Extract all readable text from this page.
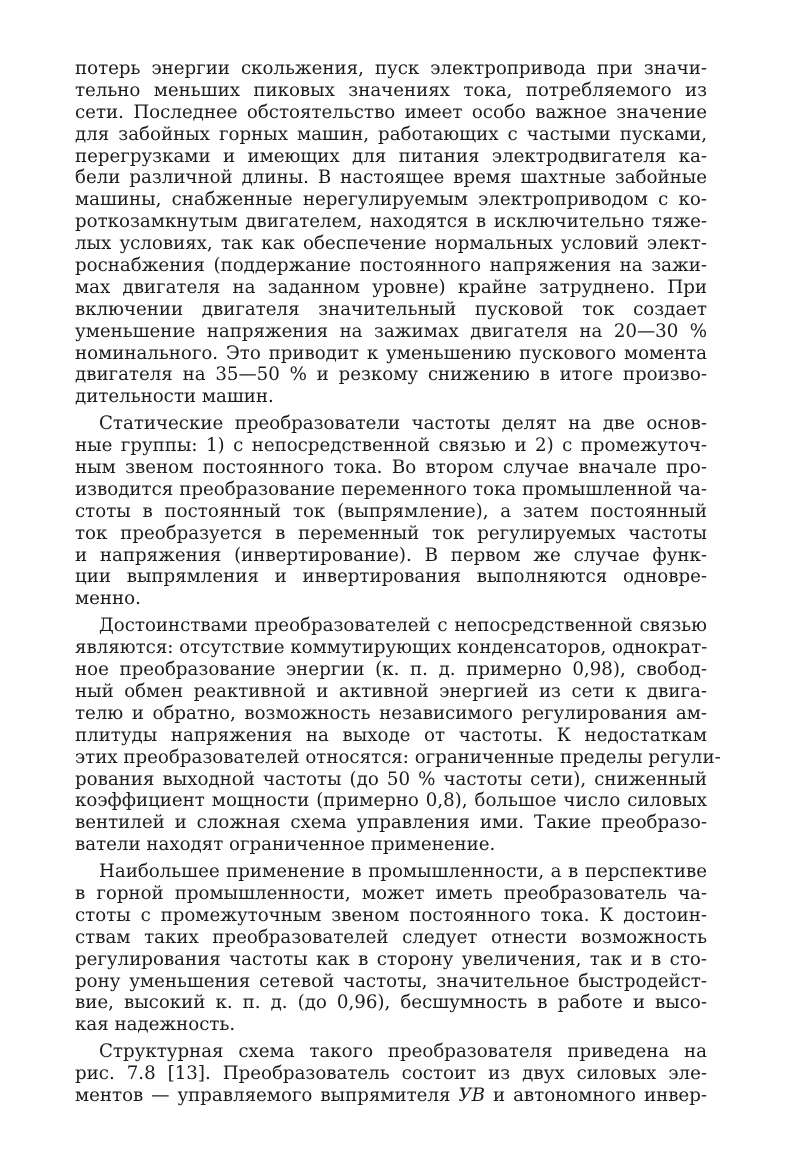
потерь энергии скольжения, пуск электропривода при значи-
тельно меньших пиковых значениях тока, потребляемого из
сети. Последнее обстоятельство имеет особо важное значение
для забойных горных машин, работающих с частыми пусками,
перегрузками и имеющих для питания электродвигателя ка-
бели различной длины. В настоящее время шахтные забойные
машины, снабженные нерегулируемым электроприводом с ко-
роткозамкнутым двигателем, находятся в исключительно тяже-
лых условиях, так как обеспечение нормальных условий элект-
роснабжения (поддержание постоянного напряжения на зажи-
мах двигателя на заданном уровне) крайне затруднено. При
включении двигателя значительный пусковой ток создает
уменьшение напряжения на зажимах двигателя на 20—30 %
номинального. Это приводит к уменьшению пускового момента
двигателя на 35—50 % и резкому снижению в итоге произво-
дительности машин.
Статические преобразователи частоты делят на две основ-
ные группы: 1) с непосредственной связью и 2) с промежуточ-
ным звеном постоянного тока. Во втором случае вначале про-
изводится преобразование переменного тока промышленной ча-
стоты в постоянный ток (выпрямление), а затем постоянный
ток преобразуется в переменный ток регулируемых частоты
и напряжения (инвертирование). В первом же случае функ-
ции выпрямления и инвертирования выполняются одновре-
менно.
Достоинствами преобразователей с непосредственной связью
являются: отсутствие коммутирующих конденсаторов, однократ-
ное преобразование энергии (к. п. д. примерно 0,98), свобод-
ный обмен реактивной и активной энергией из сети к двига-
телю и обратно, возможность независимого регулирования ам-
плитуды напряжения на выходе от частоты. К недостаткам
этих преобразователей относятся: ограниченные пределы регули-
рования выходной частоты (до 50 % частоты сети), сниженный
коэффициент мощности (примерно 0,8), большое число силовых
вентилей и сложная схема управления ими. Такие преобразо-
ватели находят ограниченное применение.
Наибольшее применение в промышленности, а в перспективе
в горной промышленности, может иметь преобразователь ча-
стоты с промежуточным звеном постоянного тока. К достоин-
ствам таких преобразователей следует отнести возможность
регулирования частоты как в сторону увеличения, так и в сто-
рону уменьшения сетевой частоты, значительное быстродейст-
вие, высокий к. п. д. (до 0,96), бесшумность в работе и высо-
кая надежность.
Структурная схема такого преобразователя приведена на
рис. 7.8 [13]. Преобразователь состоит из двух силовых эле-
ментов — управляемого выпрямителя УВ и автономного инвер-
